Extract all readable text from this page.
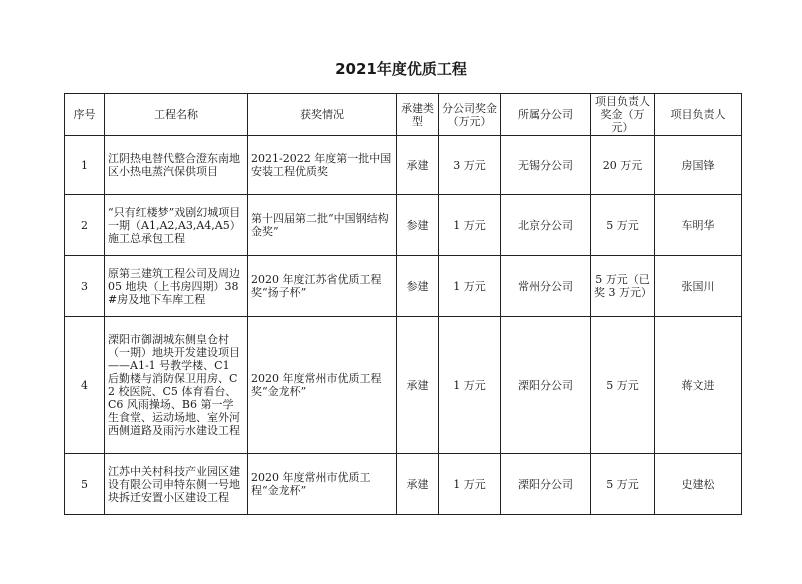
2021年度优质工程
序号	工程名称	获奖情况	承建类型	分公司奖金（万元）	所属分公司	项目负责人奖金（万元）	项目负责人
1	江阴热电替代整合澄东南地区小热电蒸汽保供项目	2021-2022 年度第一批中国安装工程优质奖	承建	3 万元	无锡分公司	20 万元	房国锋
2	“只有红楼梦”戏剧幻城项目一期（A1,A2,A3,A4,A5）施工总承包工程	第十四届第二批“中国钢结构金奖”	参建	1 万元	北京分公司	5 万元	车明华
3	原第三建筑工程公司及周边 05 地块（上书房四期）38#房及地下车库工程	2020 年度江苏省优质工程奖“扬子杯”	参建	1 万元	常州分公司	5 万元（已奖 3 万元）	张国川
4	溧阳市御湖城东侧皇仓村（一期）地块开发建设项目——A1-1 号教学楼、C1 后勤楼与消防保卫用房、C2 校医院、C5 体育看台、C6 风雨操场、B6 第一学生食堂、运动场地、室外河西侧道路及雨污水建设工程	2020 年度常州市优质工程奖“金龙杯”	承建	1 万元	溧阳分公司	5 万元	蒋文进
5	江苏中关村科技产业园区建设有限公司申特东侧一号地块拆迁安置小区建设工程	2020 年度常州市优质工程“金龙杯”	承建	1 万元	溧阳分公司	5 万元	史建松
